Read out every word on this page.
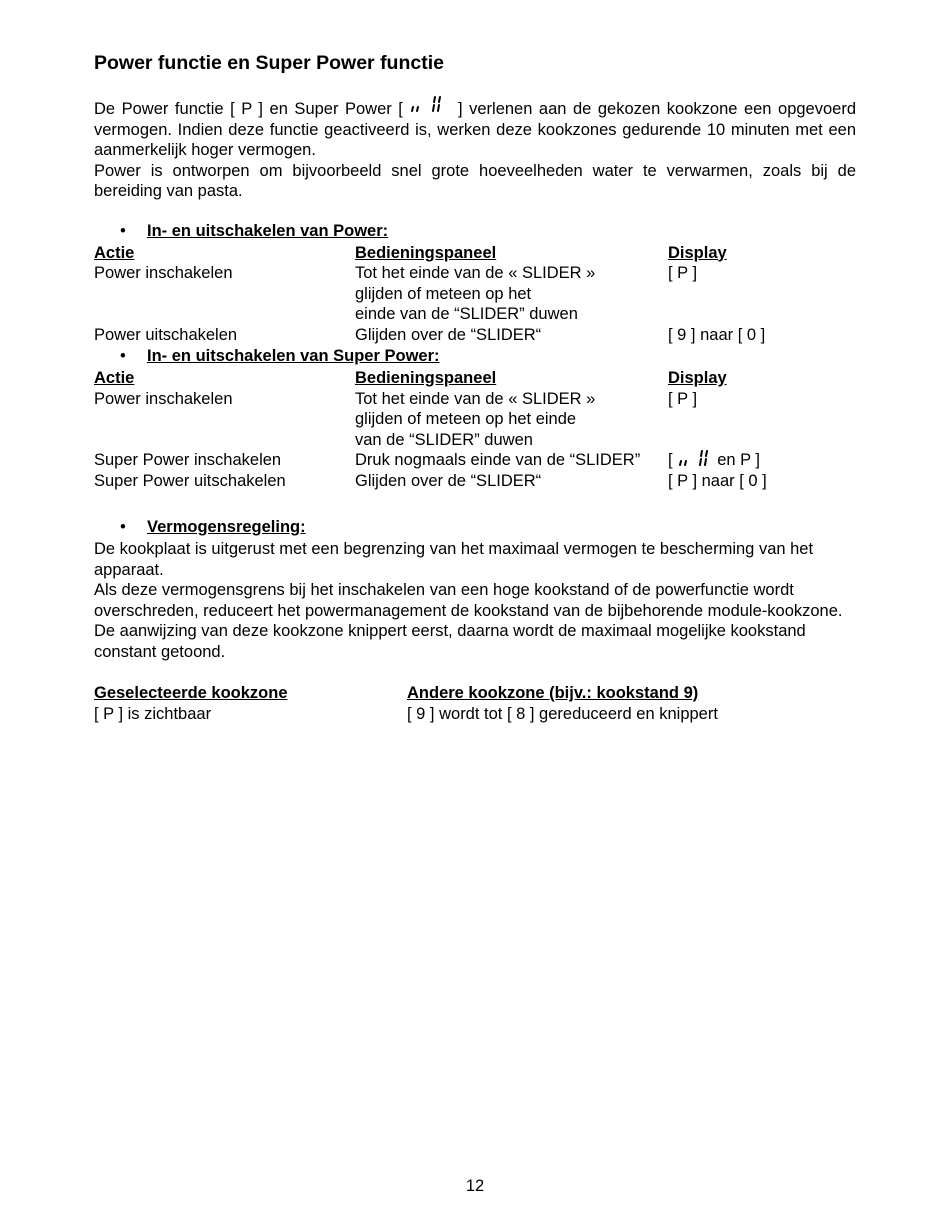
Power functie en Super Power functie

De Power functie [ P ] en Super Power [	] verlenen aan de gekozen kookzone een opgevoerd vermogen. Indien deze functie geactiveerd is, werken deze kookzones gedurende 10 minuten met een aanmerkelijk hoger vermogen.

Power is ontworpen om bijvoorbeeld snel grote hoeveelheden water te verwarmen, zoals bij de bereiding van pasta.

•	In- en uitschakelen van Power:
Actie	Bedieningspaneel	Display
Power inschakelen	Tot het einde van de « SLIDER »
glijden of meteen op het
einde van de “SLIDER” duwen	[ P ]
Power uitschakelen	Glijden over de “SLIDER“	[ 9 ] naar [ 0 ]
•	In- en uitschakelen van Super Power:
Actie	Bedieningspaneel	Display
Power inschakelen	Tot het einde van de « SLIDER »
glijden of meteen op het einde
van de “SLIDER” duwen	[ P ]
Super Power inschakelen	Druk nogmaals einde van de “SLIDER”	[ en P ]
Super Power uitschakelen	Glijden over de “SLIDER“	[ P ] naar [ 0 ]
•	Vermogensregeling:

De kookplaat is uitgerust met een begrenzing van het maximaal vermogen te bescherming van het apparaat.

Als deze vermogensgrens bij het inschakelen van een hoge kookstand of de powerfunctie wordt overschreden, reduceert het powermanagement de kookstand van de bijbehorende module-kookzone. De aanwijzing van deze kookzone knippert eerst, daarna wordt de maximaal mogelijke kookstand constant getoond.

Geselecteerde kookzone	Andere kookzone (bijv.: kookstand 9)
[ P ] is zichtbaar	[ 9 ] wordt tot [ 8 ] gereduceerd en knippert
12
